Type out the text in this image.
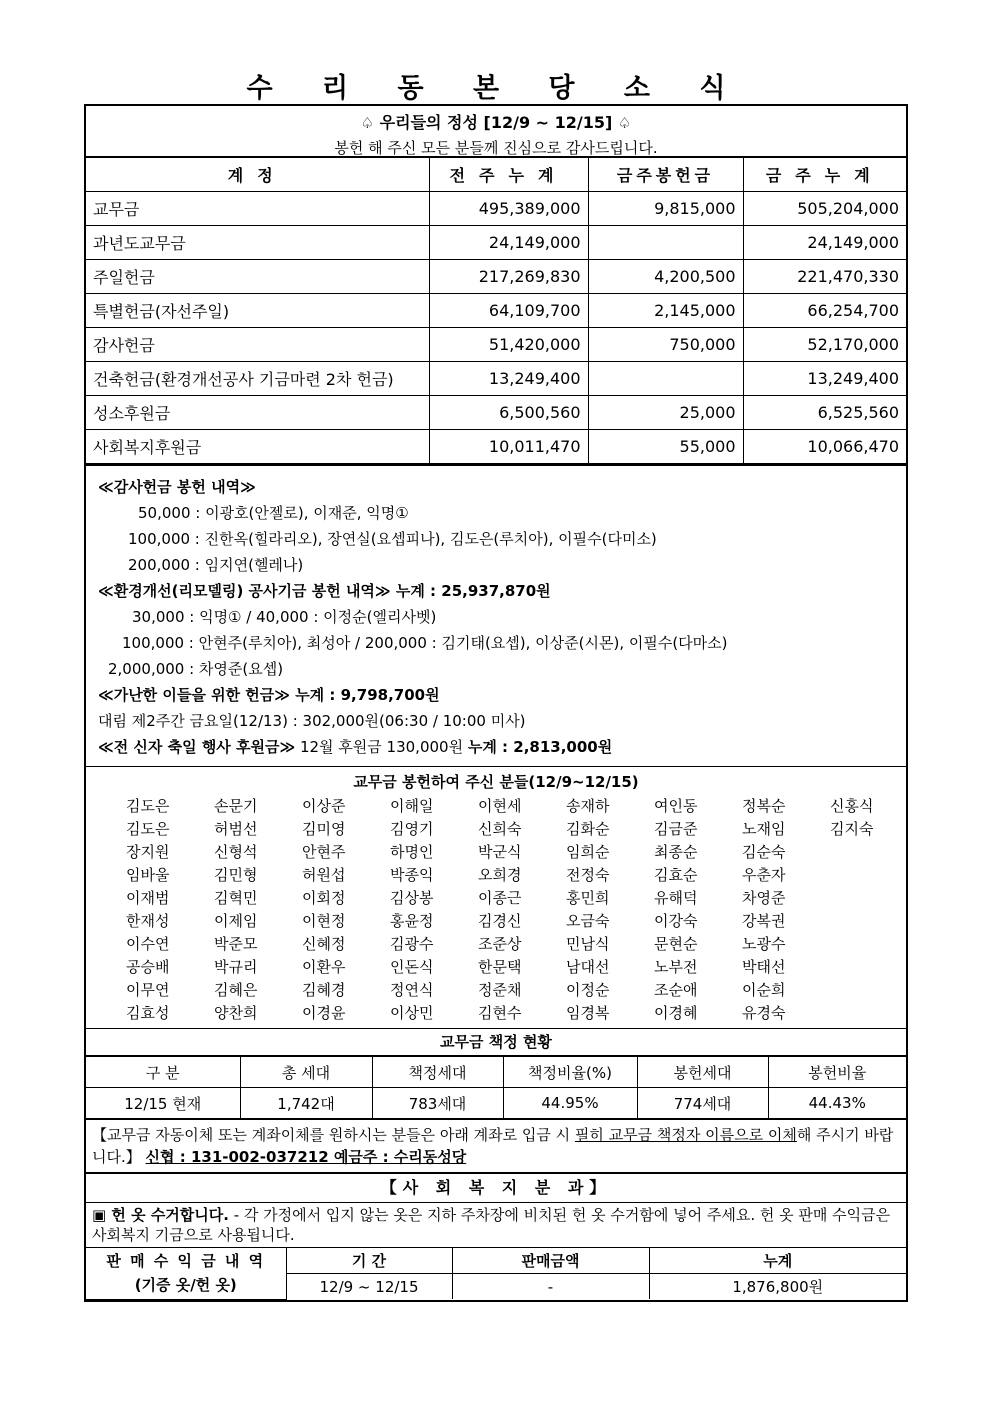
수 리 동 본 당 소 식
♤ 우리들의 정성 [12/9 ~ 12/15] ♤
봉헌 해 주신 모든 분들께 진심으로 감사드립니다.
계정	전주누계	금주봉헌금	금주누계
교무금	495,389,000	9,815,000	505,204,000
과년도교무금	24,149,000		24,149,000
주일헌금	217,269,830	4,200,500	221,470,330
특별헌금(자선주일)	64,109,700	2,145,000	66,254,700
감사헌금	51,420,000	750,000	52,170,000
건축헌금(환경개선공사 기금마련 2차 헌금)	13,249,400		13,249,400
성소후원금	6,500,560	25,000	6,525,560
사회복지후원금	10,011,470	55,000	10,066,470
≪감사헌금 봉헌 내역≫
50,000 : 이광호(안젤로), 이재준, 익명①
100,000 : 진한옥(힐라리오), 장연실(요셉피나), 김도은(루치아), 이필수(다미소)
200,000 : 임지연(헬레나)
≪환경개선(리모델링) 공사기금 봉헌 내역≫ 누계 : 25,937,870원
30,000 : 익명① / 40,000 : 이정순(엘리사벳)
100,000 : 안현주(루치아), 최성아 / 200,000 : 김기태(요셉), 이상준(시몬), 이필수(다마소)
2,000,000 : 차영준(요셉)
≪가난한 이들을 위한 헌금≫ 누계 : 9,798,700원
대림 제2주간 금요일(12/13) : 302,000원(06:30 / 10:00 미사)
≪전 신자 축일 행사 후원금≫ 12월 후원금 130,000원 누계 : 2,813,000원
교무금 봉헌하여 주신 분들(12/9~12/15)
김도은	손문기	이상준	이해일	이현세	송재하	여인동	정복순	신홍식
김도은	허범선	김미영	김영기	신희숙	김화순	김금준	노재임	김지숙
장지원	신형석	안현주	하명인	박군식	임희순	최종순	김순숙
임바울	김민형	허원섭	박종익	오희경	전정숙	김효순	우춘자
이재범	김혁민	이회정	김상봉	이종근	홍민희	유해덕	차영준
한재성	이제임	이현정	홍윤정	김경신	오금숙	이강숙	강복권
이수연	박준모	신혜정	김광수	조준상	민남식	문현순	노광수
공승배	박규리	이환우	인돈식	한문택	남대선	노부전	박태선
이무연	김혜은	김혜경	정연식	정준채	이정순	조순애	이순희
김효성	양찬희	이경윤	이상민	김현수	임경복	이경혜	유경숙
교무금 책정 현황
구 분	총 세대	책정세대	책정비율(%)	봉헌세대	봉헌비율
12/15 현재	1,742대	783세대	44.95%	774세대	44.43%
【교무금 자동이체 또는 계좌이체를 원하시는 분들은 아래 계좌로 입금 시 필히 교무금 책정자 이름으로 이체해 주시기 바랍니다.】 신협 : 131-002-037212 예금주 : 수리동성당
【사 회 복 지 분 과】
▣ 헌 옷 수거합니다. - 각 가정에서 입지 않는 옷은 지하 주차장에 비치된 헌 옷 수거함에 넣어 주세요. 헌 옷 판매 수익금은 사회복지 기금으로 사용됩니다.
판 매 수 익 금 내 역
(기증 옷/헌 옷)	기 간	판매금액	누계
	12/9 ~ 12/15	-	1,876,800원
